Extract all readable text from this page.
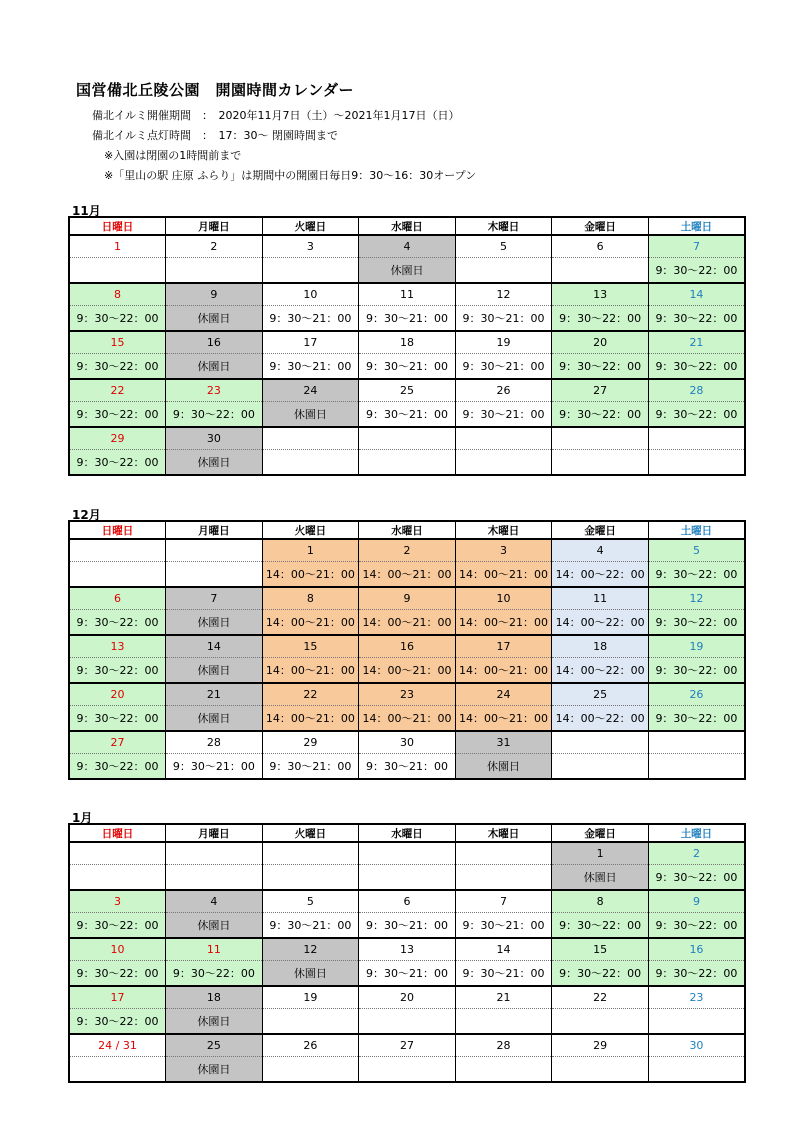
国営備北丘陵公園　開園時間カレンダー
備北イルミ開催期間　：　2020年11月7日（土）～2021年1月17日（日）
備北イルミ点灯時間　：　17：30～ 閉園時間まで
※入園は閉園の1時間前まで
※「里山の駅 庄原 ふらり」は期間中の開園日毎日9：30～16：30オープン
11月
日曜日	月曜日	火曜日	水曜日	木曜日	金曜日	土曜日
1	2	3	4	5	6	7
			休園日			9：30～22：00
8	9	10	11	12	13	14
9：30～22：00	休園日	9：30～21：00	9：30～21：00	9：30～21：00	9：30～22：00	9：30～22：00
15	16	17	18	19	20	21
9：30～22：00	休園日	9：30～21：00	9：30～21：00	9：30～21：00	9：30～22：00	9：30～22：00
22	23	24	25	26	27	28
9：30～22：00	9：30～22：00	休園日	9：30～21：00	9：30～21：00	9：30～22：00	9：30～22：00
29	30					
9：30～22：00	休園日					
12月
日曜日	月曜日	火曜日	水曜日	木曜日	金曜日	土曜日
		1	2	3	4	5
		14：00～21：00	14：00～21：00	14：00～21：00	14：00～22：00	9：30～22：00
6	7	8	9	10	11	12
9：30～22：00	休園日	14：00～21：00	14：00～21：00	14：00～21：00	14：00～22：00	9：30～22：00
13	14	15	16	17	18	19
9：30～22：00	休園日	14：00～21：00	14：00～21：00	14：00～21：00	14：00～22：00	9：30～22：00
20	21	22	23	24	25	26
9：30～22：00	休園日	14：00～21：00	14：00～21：00	14：00～21：00	14：00～22：00	9：30～22：00
27	28	29	30	31		
9：30～22：00	9：30～21：00	9：30～21：00	9：30～21：00	休園日		
1月
日曜日	月曜日	火曜日	水曜日	木曜日	金曜日	土曜日
					1	2
					休園日	9：30～22：00
3	4	5	6	7	8	9
9：30～22：00	休園日	9：30～21：00	9：30～21：00	9：30～21：00	9：30～22：00	9：30～22：00
10	11	12	13	14	15	16
9：30～22：00	9：30～22：00	休園日	9：30～21：00	9：30～21：00	9：30～22：00	9：30～22：00
17	18	19	20	21	22	23
9：30～22：00	休園日					
24 / 31	25	26	27	28	29	30
	休園日					
